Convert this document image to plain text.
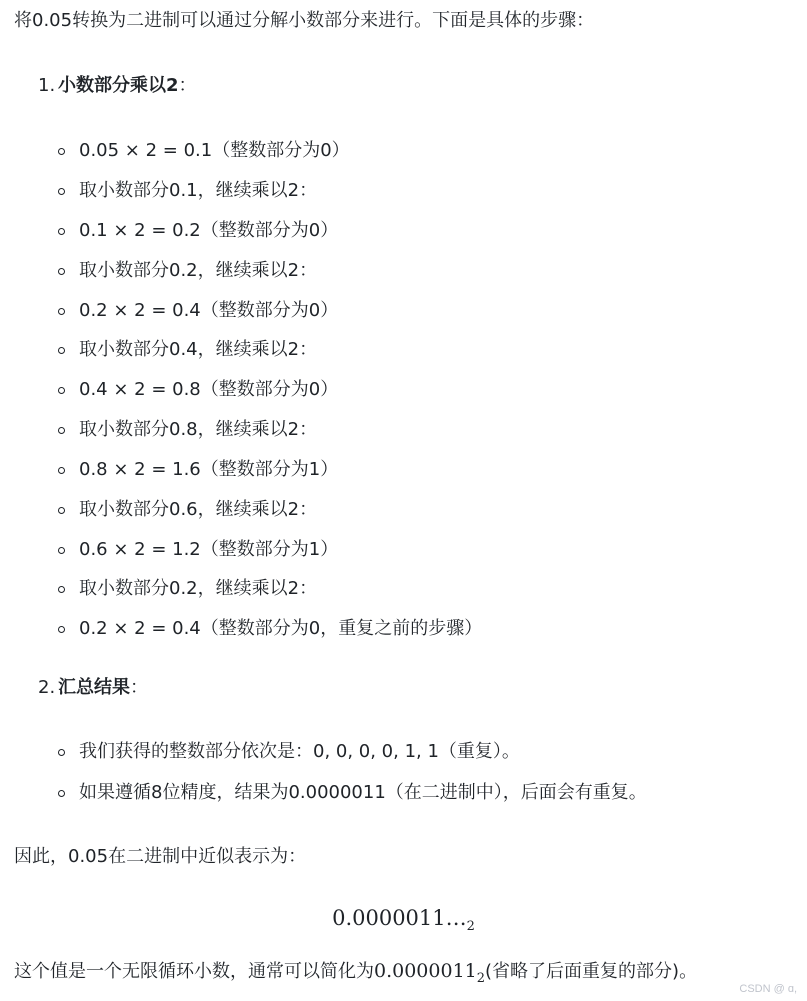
将0.05转换为二进制可以通过分解小数部分来进行。下面是具体的步骤：
1. 小数部分乘以2：
0.05 × 2 = 0.1（整数部分为0）
取小数部分0.1，继续乘以2：
0.1 × 2 = 0.2（整数部分为0）
取小数部分0.2，继续乘以2：
0.2 × 2 = 0.4（整数部分为0）
取小数部分0.4，继续乘以2：
0.4 × 2 = 0.8（整数部分为0）
取小数部分0.8，继续乘以2：
0.8 × 2 = 1.6（整数部分为1）
取小数部分0.6，继续乘以2：
0.6 × 2 = 1.2（整数部分为1）
取小数部分0.2，继续乘以2：
0.2 × 2 = 0.4（整数部分为0，重复之前的步骤）
2. 汇总结果：
我们获得的整数部分依次是：0, 0, 0, 0, 1, 1（重复）。
如果遵循8位精度，结果为0.0000011（在二进制中），后面会有重复。
因此，0.05在二进制中近似表示为：
$0.0000011\dots_2$
这个值是一个无限循环小数，通常可以简化为$0.0000011_2$(省略了后面重复的部分)。
CSDN @ ɑ,
